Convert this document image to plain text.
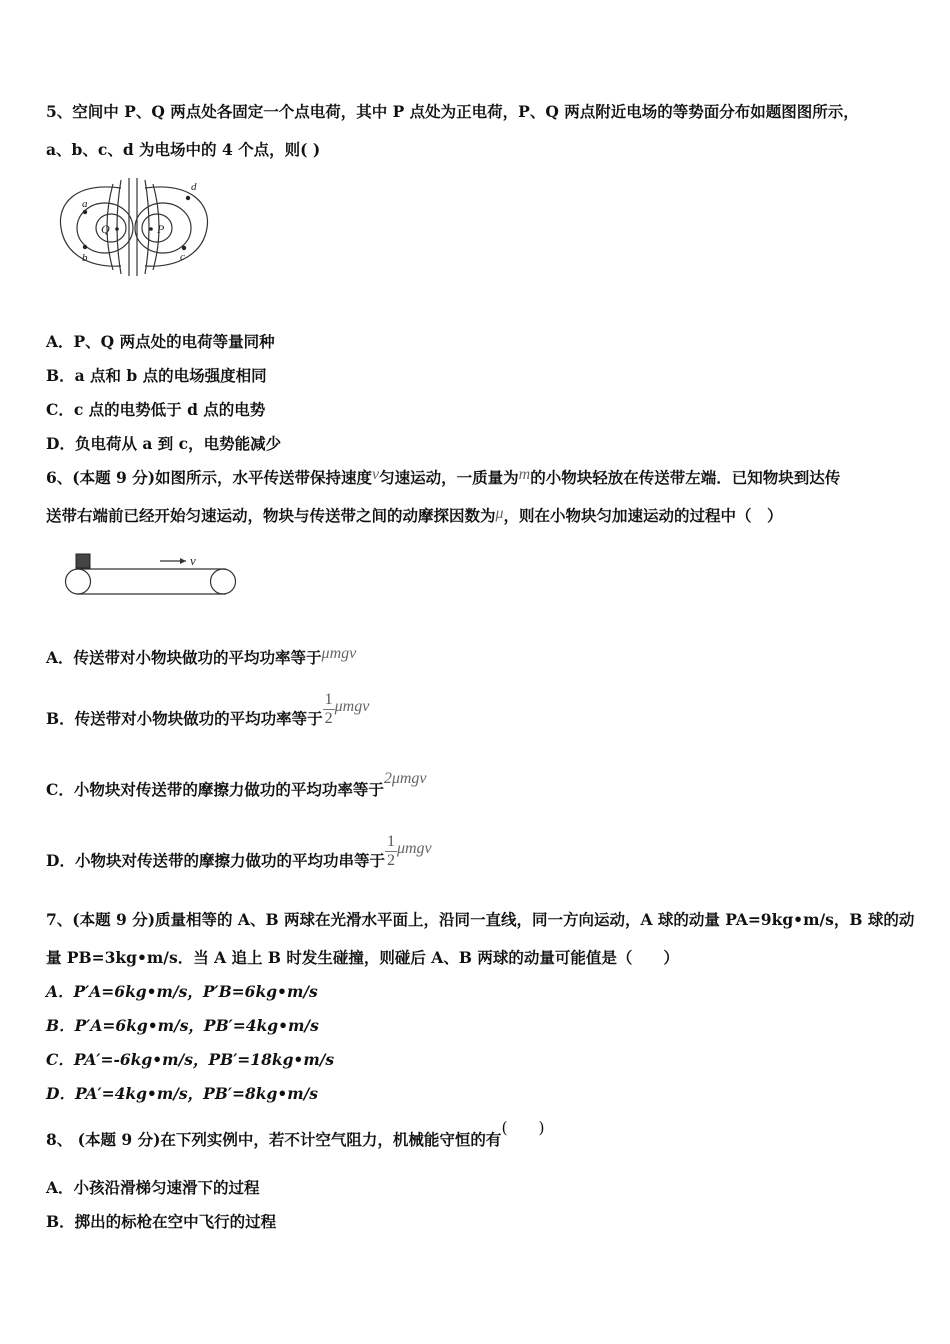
5、空间中 P、Q 两点处各固定一个点电荷，其中 P 点处为正电荷，P、Q 两点附近电场的等势面分布如题图图所示，
a、b、c、d 为电场中的 4 个点，则( )
Q	P
a
b	c
d
A．P、Q 两点处的电荷等量同种
B．a 点和 b 点的电场强度相同
C．c 点的电势低于 d 点的电势
D．负电荷从 a 到 c，电势能减少
6、(本题 9 分)如图所示，水平传送带保持速度v匀速运动，一质量为m的小物块轻放在传送带左端．已知物块到达传
送带右端前已经开始匀速运动，物块与传送带之间的动摩探因数为μ，则在小物块匀加速运动的过程中（　）
v
A．传送带对小物块做功的平均功率等于μmgv
B．传送带对小物块做功的平均功率等于 $\frac{1}{2}$ μmgv
C．小物块对传送带的摩擦力做功的平均功率等于2μmgv
D．小物块对传送带的摩擦力做功的平均功串等于 $\frac{1}{2}$ μmgv
7、(本题 9 分)质量相等的 A、B 两球在光滑水平面上，沿同一直线，同一方向运动，A 球的动量 PA=9kg•m/s，B 球的动
量 PB=3kg•m/s．当 A 追上 B 时发生碰撞，则碰后 A、B 两球的动量可能值是（　　）
A．P′A=6kg•m/s，P′B=6kg•m/s
B．P′A=6kg•m/s，PB′=4kg•m/s
C．PA′=-6kg•m/s，PB′=18kg•m/s
D．PA′=4kg•m/s，PB′=8kg•m/s
8、 (本题 9 分)在下列实例中，若不计空气阻力，机械能守恒的有(　　)
A．小孩沿滑梯匀速滑下的过程
B．掷出的标枪在空中飞行的过程
